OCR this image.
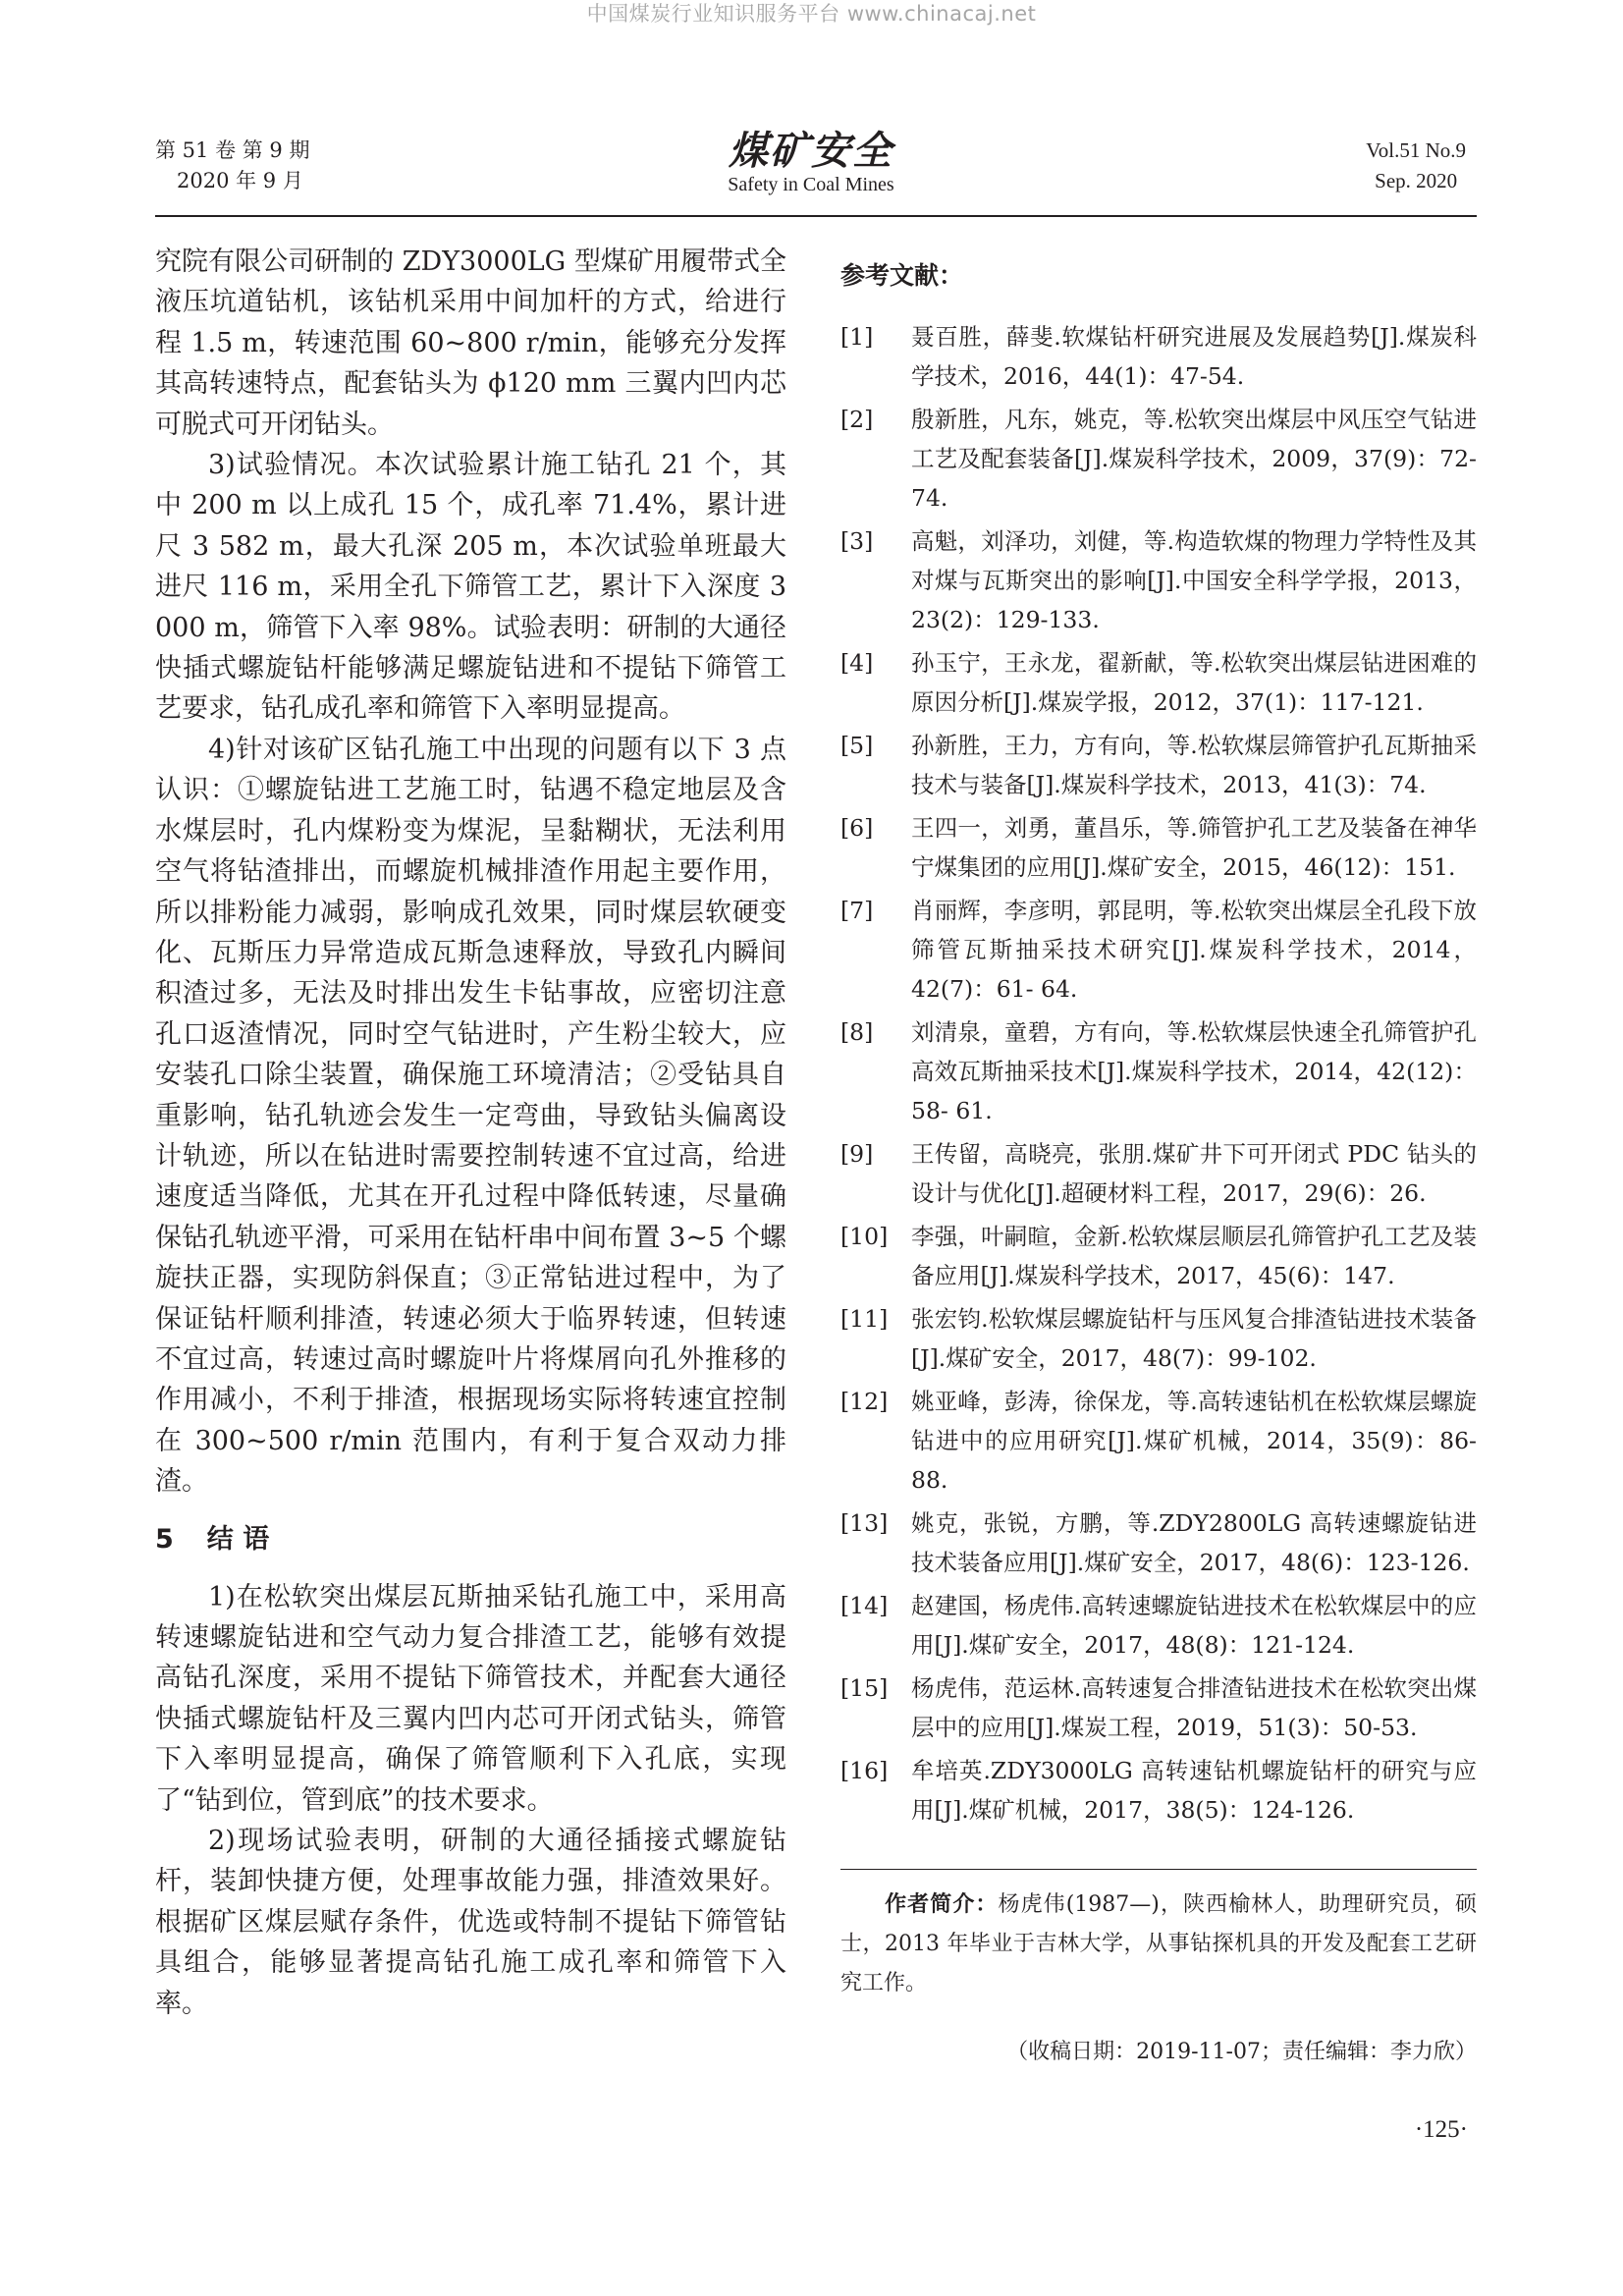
中国煤炭行业知识服务平台 www.chinacaj.net
第 51 卷 第 9 期
2020 年 9 月
煤矿安全
Safety in Coal Mines
Vol.51 No.9
Sep. 2020

究院有限公司研制的 ZDY3000LG 型煤矿用履带式全液压坑道钻机，该钻机采用中间加杆的方式，给进行程 1.5 m，转速范围 60~800 r/min，能够充分发挥其高转速特点，配套钻头为 ϕ120 mm 三翼内凹内芯可脱式可开闭钻头。

3)试验情况。本次试验累计施工钻孔 21 个，其中 200 m 以上成孔 15 个，成孔率 71.4%，累计进尺 3 582 m，最大孔深 205 m，本次试验单班最大进尺 116 m，采用全孔下筛管工艺，累计下入深度 3 000 m，筛管下入率 98%。试验表明：研制的大通径快插式螺旋钻杆能够满足螺旋钻进和不提钻下筛管工艺要求，钻孔成孔率和筛管下入率明显提高。

4)针对该矿区钻孔施工中出现的问题有以下 3 点认识：①螺旋钻进工艺施工时，钻遇不稳定地层及含水煤层时，孔内煤粉变为煤泥，呈黏糊状，无法利用空气将钻渣排出，而螺旋机械排渣作用起主要作用，所以排粉能力减弱，影响成孔效果，同时煤层软硬变化、瓦斯压力异常造成瓦斯急速释放，导致孔内瞬间积渣过多，无法及时排出发生卡钻事故，应密切注意孔口返渣情况，同时空气钻进时，产生粉尘较大，应安装孔口除尘装置，确保施工环境清洁；②受钻具自重影响，钻孔轨迹会发生一定弯曲，导致钻头偏离设计轨迹，所以在钻进时需要控制转速不宜过高，给进速度适当降低，尤其在开孔过程中降低转速，尽量确保钻孔轨迹平滑，可采用在钻杆串中间布置 3~5 个螺旋扶正器，实现防斜保直；③正常钻进过程中，为了保证钻杆顺利排渣，转速必须大于临界转速，但转速不宜过高，转速过高时螺旋叶片将煤屑向孔外推移的作用减小，不利于排渣，根据现场实际将转速宜控制在 300~500 r/min 范围内，有利于复合双动力排渣。

5 结 语

1)在松软突出煤层瓦斯抽采钻孔施工中，采用高转速螺旋钻进和空气动力复合排渣工艺，能够有效提高钻孔深度，采用不提钻下筛管技术，并配套大通径快插式螺旋钻杆及三翼内凹内芯可开闭式钻头，筛管下入率明显提高，确保了筛管顺利下入孔底，实现了“钻到位，管到底”的技术要求。

2)现场试验表明，研制的大通径插接式螺旋钻杆，装卸快捷方便，处理事故能力强，排渣效果好。根据矿区煤层赋存条件，优选或特制不提钻下筛管钻具组合，能够显著提高钻孔施工成孔率和筛管下入率。

参考文献：
[1]	聂百胜，薛斐.软煤钻杆研究进展及发展趋势[J].煤炭科学技术，2016，44(1)：47-54.
[2]	殷新胜，凡东，姚克，等.松软突出煤层中风压空气钻进工艺及配套装备[J].煤炭科学技术，2009，37(9)：72-74.
[3]	高魁，刘泽功，刘健，等.构造软煤的物理力学特性及其对煤与瓦斯突出的影响[J].中国安全科学学报，2013，23(2)：129-133.
[4]	孙玉宁，王永龙，翟新献，等.松软突出煤层钻进困难的原因分析[J].煤炭学报，2012，37(1)：117-121.
[5]	孙新胜，王力，方有向，等.松软煤层筛管护孔瓦斯抽采技术与装备[J].煤炭科学技术，2013，41(3)：74.
[6]	王四一，刘勇，董昌乐，等.筛管护孔工艺及装备在神华宁煤集团的应用[J].煤矿安全，2015，46(12)：151.
[7]	肖丽辉，李彦明，郭昆明，等.松软突出煤层全孔段下放筛管瓦斯抽采技术研究[J].煤炭科学技术，2014，42(7)：61- 64.
[8]	刘清泉，童碧，方有向，等.松软煤层快速全孔筛管护孔高效瓦斯抽采技术[J].煤炭科学技术，2014，42(12)：58- 61.
[9]	王传留，高晓亮，张朋.煤矿井下可开闭式 PDC 钻头的设计与优化[J].超硬材料工程，2017，29(6)：26.
[10]	李强，叶嗣暄，金新.松软煤层顺层孔筛管护孔工艺及装备应用[J].煤炭科学技术，2017，45(6)：147.
[11]	张宏钧.松软煤层螺旋钻杆与压风复合排渣钻进技术装备[J].煤矿安全，2017，48(7)：99-102.
[12]	姚亚峰，彭涛，徐保龙，等.高转速钻机在松软煤层螺旋钻进中的应用研究[J].煤矿机械，2014，35(9)：86-88.
[13]	姚克，张锐，方鹏，等.ZDY2800LG 高转速螺旋钻进技术装备应用[J].煤矿安全，2017，48(6)：123-126.
[14]	赵建国，杨虎伟.高转速螺旋钻进技术在松软煤层中的应用[J].煤矿安全，2017，48(8)：121-124.
[15]	杨虎伟，范运林.高转速复合排渣钻进技术在松软突出煤层中的应用[J].煤炭工程，2019，51(3)：50-53.
[16]	牟培英.ZDY3000LG 高转速钻机螺旋钻杆的研究与应用[J].煤矿机械，2017，38(5)：124-126.
作者简介：杨虎伟(1987—)，陕西榆林人，助理研究员，硕士，2013 年毕业于吉林大学，从事钻探机具的开发及配套工艺研究工作。
（收稿日期：2019-11-07；责任编辑：李力欣）
·125·
